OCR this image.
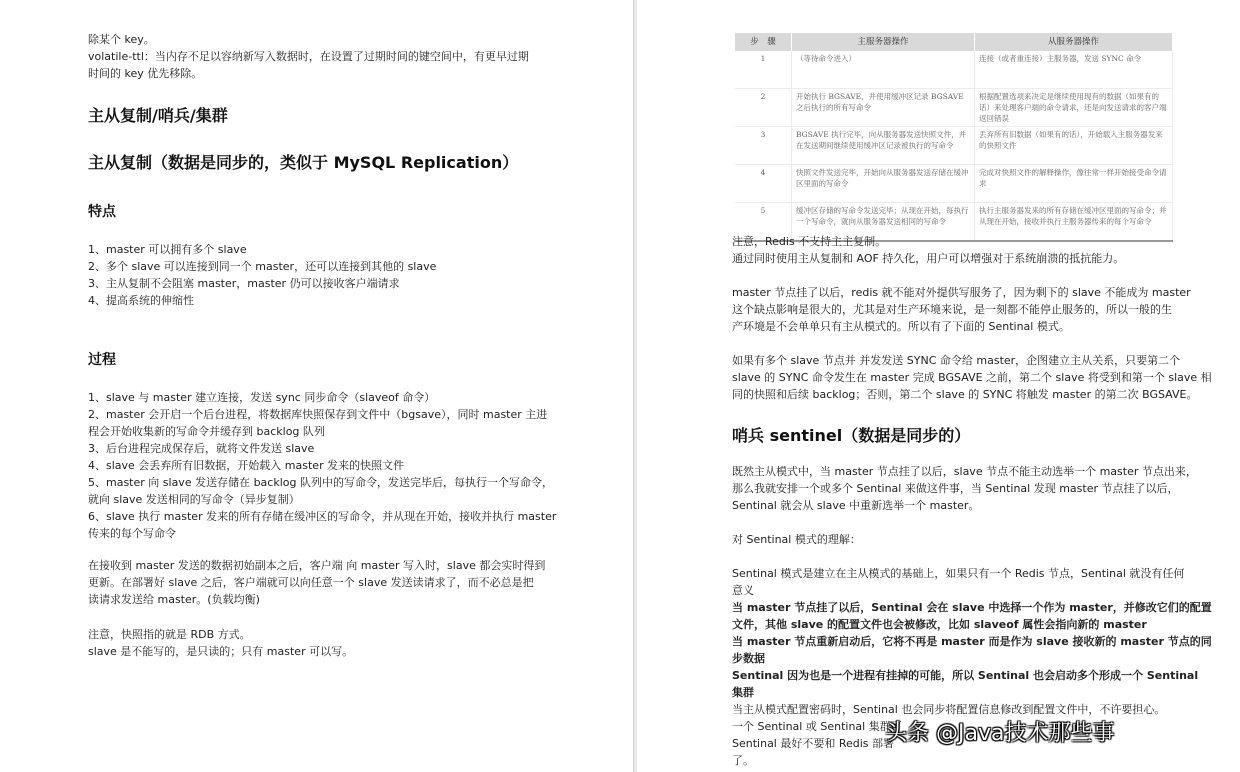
除某个 key。
volatile-ttl：当内存不足以容纳新写入数据时，在设置了过期时间的键空间中，有更早过期
时间的 key 优先移除。
主从复制/哨兵/集群
主从复制（数据是同步的，类似于 MySQL Replication）
特点
1、master 可以拥有多个 slave
2、多个 slave 可以连接到同一个 master，还可以连接到其他的 slave
3、主从复制不会阻塞 master，master 仍可以接收客户端请求
4、提高系统的伸缩性
过程
1、slave 与 master 建立连接，发送 sync 同步命令（slaveof 命令）
2、master 会开启一个后台进程，将数据库快照保存到文件中（bgsave），同时 master 主进
程会开始收集新的写命令并缓存到 backlog 队列
3、后台进程完成保存后，就将文件发送 slave
4、slave 会丢弃所有旧数据，开始载入 master 发来的快照文件
5、master 向 slave 发送存储在 backlog 队列中的写命令，发送完毕后，每执行一个写命令，
就向 slave 发送相同的写命令（异步复制）
6、slave 执行 master 发来的所有存储在缓冲区的写命令，并从现在开始，接收并执行 master
传来的每个写命令
在接收到 master 发送的数据初始副本之后，客户端 向 master 写入时，slave 都会实时得到
更新。在部署好 slave 之后，客户端就可以向任意一个 slave 发送读请求了，而不必总是把
读请求发送给 master。(负载均衡)
注意，快照指的就是 RDB 方式。
slave 是不能写的，是只读的；只有 master 可以写。
步　骤	主服务器操作	从服务器操作
1	（等待命令进入）	连接（或者重连接）主服务器，发送 SYNC 命令
2	开始执行 BGSAVE，并使用缓冲区记录 BGSAVE 之后执行的所有写命令	根据配置选项来决定是继续使用现有的数据（如果有的话）来处理客户端的命令请求，还是向发送请求的客户端返回错误
3	BGSAVE 执行完毕，向从服务器发送快照文件，并在发送期间继续使用缓冲区记录被执行的写命令	丢弃所有旧数据（如果有的话），开始载入主服务器发来的快照文件
4	快照文件发送完毕，开始向从服务器发送存储在缓冲区里面的写命令	完成对快照文件的解释操作，像往常一样开始接受命令请求
5	缓冲区存储的写命令发送完毕；从现在开始，每执行一个写命令，就向从服务器发送相同的写命令	执行主服务器发来的所有存储在缓冲区里面的写命令；并从现在开始，接收并执行主服务器传来的每个写命令
注意，Redis 不支持主主复制。
通过同时使用主从复制和 AOF 持久化，用户可以增强对于系统崩溃的抵抗能力。
master 节点挂了以后，redis 就不能对外提供写服务了，因为剩下的 slave 不能成为 master
这个缺点影响是很大的，尤其是对生产环境来说，是一刻都不能停止服务的，所以一般的生
产环境是不会单单只有主从模式的。所以有了下面的 Sentinal 模式。
如果有多个 slave 节点并 并发发送 SYNC 命令给 master，企图建立主从关系，只要第二个
slave 的 SYNC 命令发生在 master 完成 BGSAVE 之前，第二个 slave 将受到和第一个 slave 相
同的快照和后续 backlog；否则，第二个 slave 的 SYNC 将触发 master 的第二次 BGSAVE。
哨兵 sentinel（数据是同步的）
既然主从模式中，当 master 节点挂了以后，slave 节点不能主动选举一个 master 节点出来，
那么我就安排一个或多个 Sentinal 来做这件事，当 Sentinal 发现 master 节点挂了以后，
Sentinal 就会从 slave 中重新选举一个 master。
对 Sentinal 模式的理解：
Sentinal 模式是建立在主从模式的基础上，如果只有一个 Redis 节点，Sentinal 就没有任何
意义
当 master 节点挂了以后，Sentinal 会在 slave 中选择一个作为 master，并修改它们的配置
文件，其他 slave 的配置文件也会被修改，比如 slaveof 属性会指向新的 master
当 master 节点重新启动后，它将不再是 master 而是作为 slave 接收新的 master 节点的同
步数据
Sentinal 因为也是一个进程有挂掉的可能，所以 Sentinal 也会启动多个形成一个 Sentinal
集群
当主从模式配置密码时，Sentinal 也会同步将配置信息修改到配置文件中，不许要担心。
一个 Sentinal 或 Sentinal 集群可
Sentinal 最好不要和 Redis 部署
了。
头条 @Java技术那些事
